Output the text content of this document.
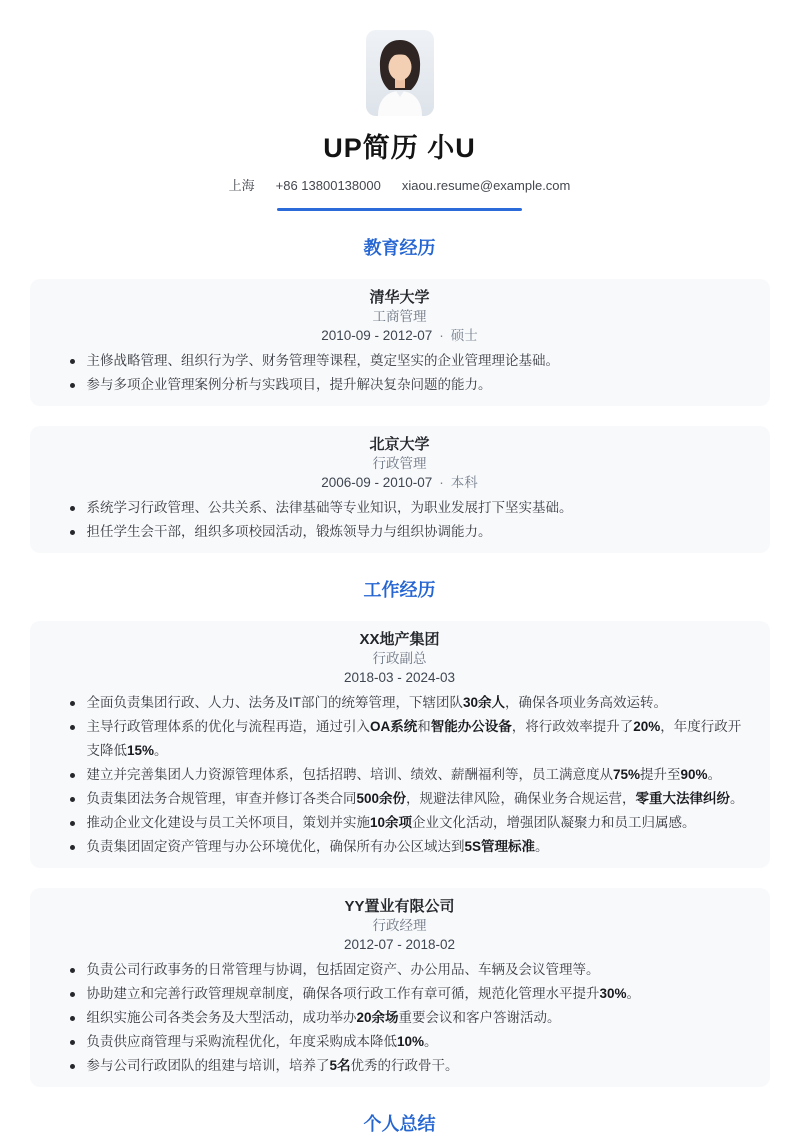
UP简历 小U
上海 +86 13800138000 xiaou.resume@example.com
教育经历
清华大学
工商管理
2010-09 - 2012-07 · 硕士
主修战略管理、组织行为学、财务管理等课程，奠定坚实的企业管理理论基础。
参与多项企业管理案例分析与实践项目，提升解决复杂问题的能力。
北京大学
行政管理
2006-09 - 2010-07 · 本科
系统学习行政管理、公共关系、法律基础等专业知识，为职业发展打下坚实基础。
担任学生会干部，组织多项校园活动，锻炼领导力与组织协调能力。
工作经历
XX地产集团
行政副总
2018-03 - 2024-03
全面负责集团行政、人力、法务及IT部门的统筹管理，下辖团队30余人，确保各项业务高效运转。
主导行政管理体系的优化与流程再造，通过引入OA系统和智能办公设备，将行政效率提升了20%，年度行政开支降低15%。
建立并完善集团人力资源管理体系，包括招聘、培训、绩效、薪酬福利等，员工满意度从75%提升至90%。
负责集团法务合规管理，审查并修订各类合同500余份，规避法律风险，确保业务合规运营，零重大法律纠纷。
推动企业文化建设与员工关怀项目，策划并实施10余项企业文化活动，增强团队凝聚力和员工归属感。
负责集团固定资产管理与办公环境优化，确保所有办公区域达到5S管理标准。
YY置业有限公司
行政经理
2012-07 - 2018-02
负责公司行政事务的日常管理与协调，包括固定资产、办公用品、车辆及会议管理等。
协助建立和完善行政管理规章制度，确保各项行政工作有章可循，规范化管理水平提升30%。
组织实施公司各类会务及大型活动，成功举办20余场重要会议和客户答谢活动。
负责供应商管理与采购流程优化，年度采购成本降低10%。
参与公司行政团队的组建与培训，培养了5名优秀的行政骨干。
个人总结
